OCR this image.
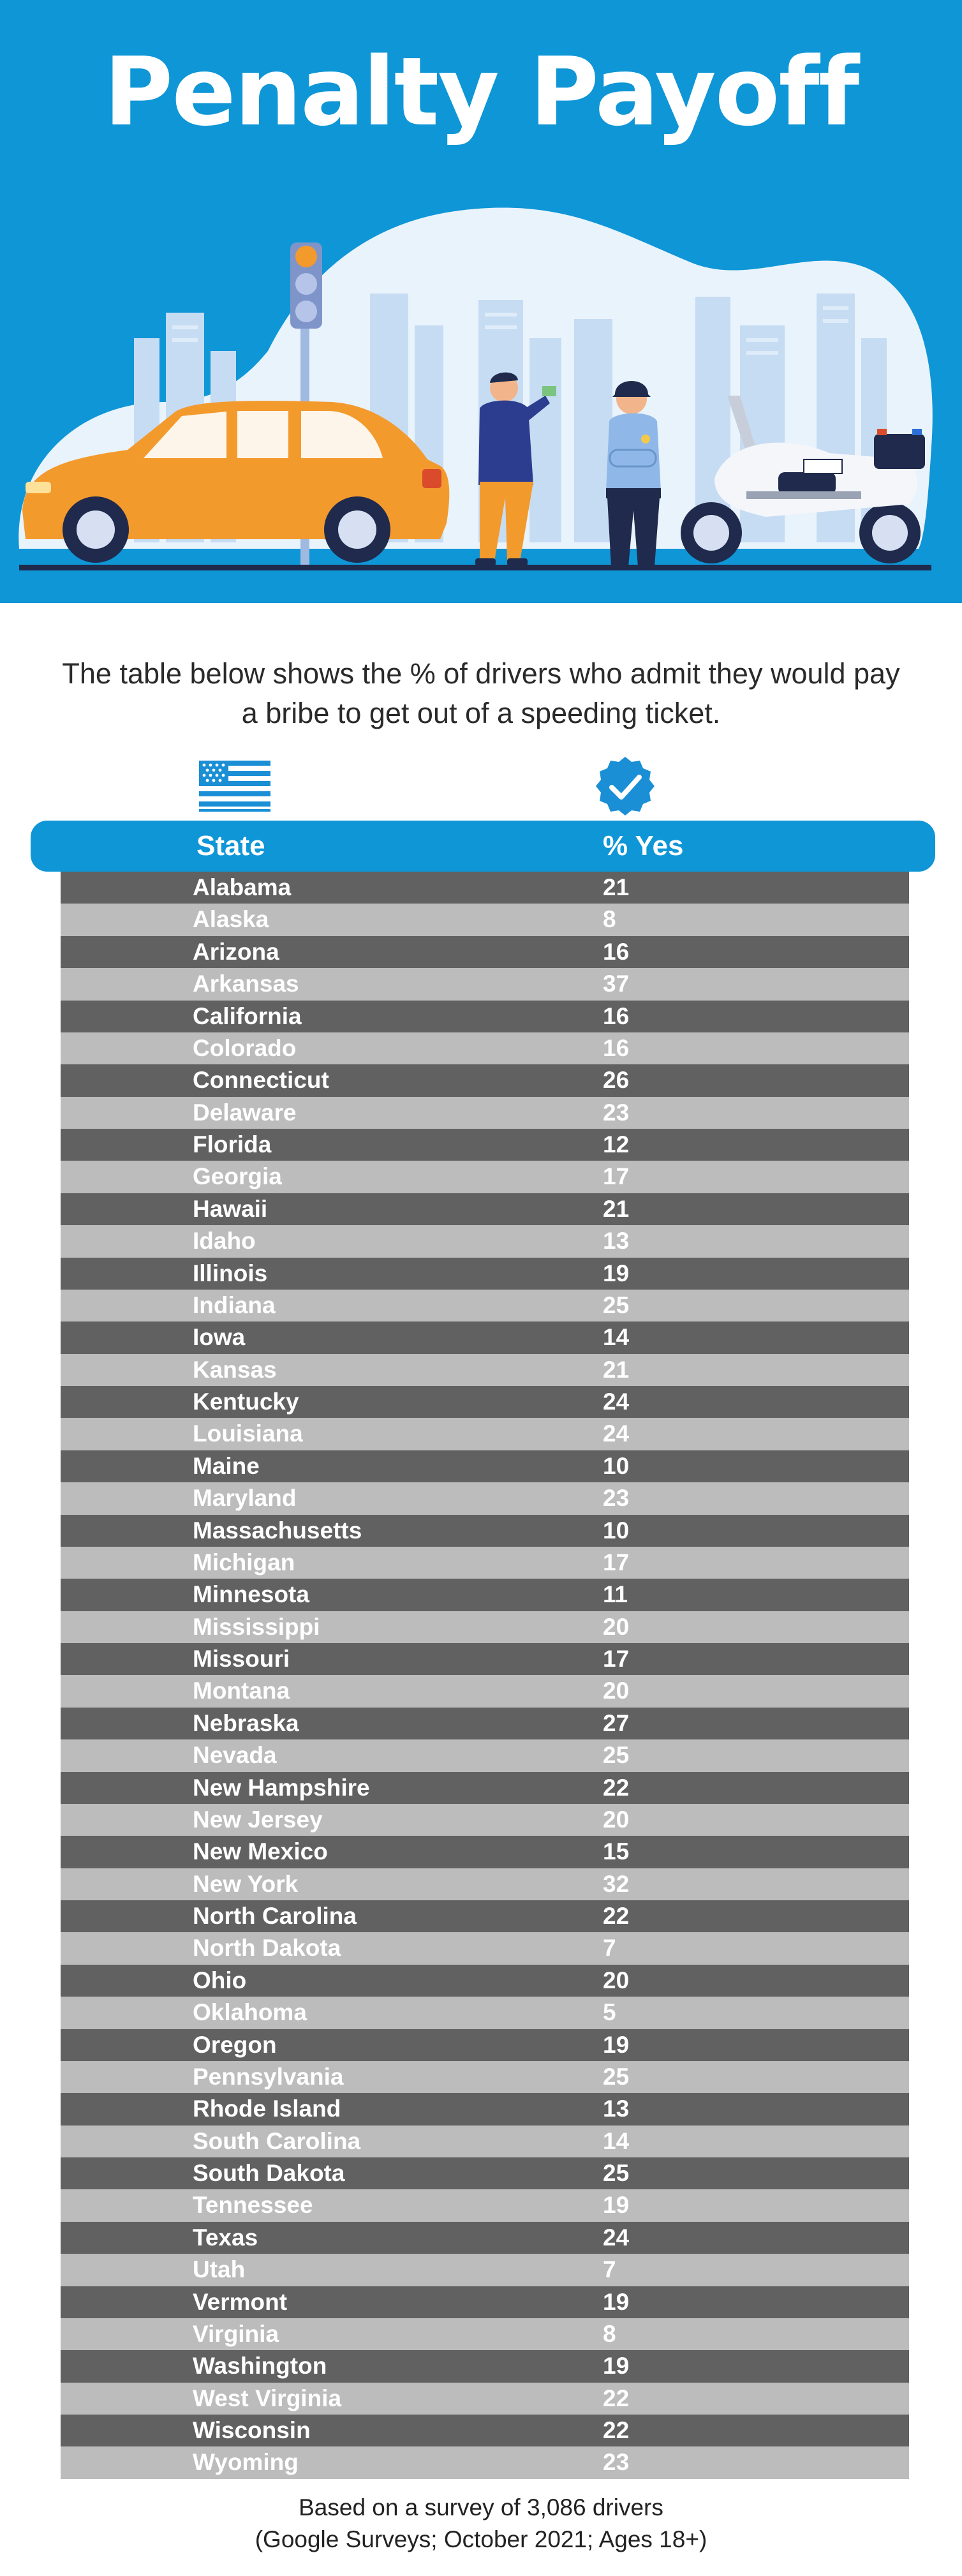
Penalty Payoff
The table below shows the % of drivers who admit they would pay a bribe to get out of a speeding ticket.
State	% Yes
Alabama	21
Alaska	8
Arizona	16
Arkansas	37
California	16
Colorado	16
Connecticut	26
Delaware	23
Florida	12
Georgia	17
Hawaii	21
Idaho	13
Illinois	19
Indiana	25
Iowa	14
Kansas	21
Kentucky	24
Louisiana	24
Maine	10
Maryland	23
Massachusetts	10
Michigan	17
Minnesota	11
Mississippi	20
Missouri	17
Montana	20
Nebraska	27
Nevada	25
New Hampshire	22
New Jersey	20
New Mexico	15
New York	32
North Carolina	22
North Dakota	7
Ohio	20
Oklahoma	5
Oregon	19
Pennsylvania	25
Rhode Island	13
South Carolina	14
South Dakota	25
Tennessee	19
Texas	24
Utah	7
Vermont	19
Virginia	8
Washington	19
West Virginia	22
Wisconsin	22
Wyoming	23
Based on a survey of 3,086 drivers
(Google Surveys; October 2021; Ages 18+)
